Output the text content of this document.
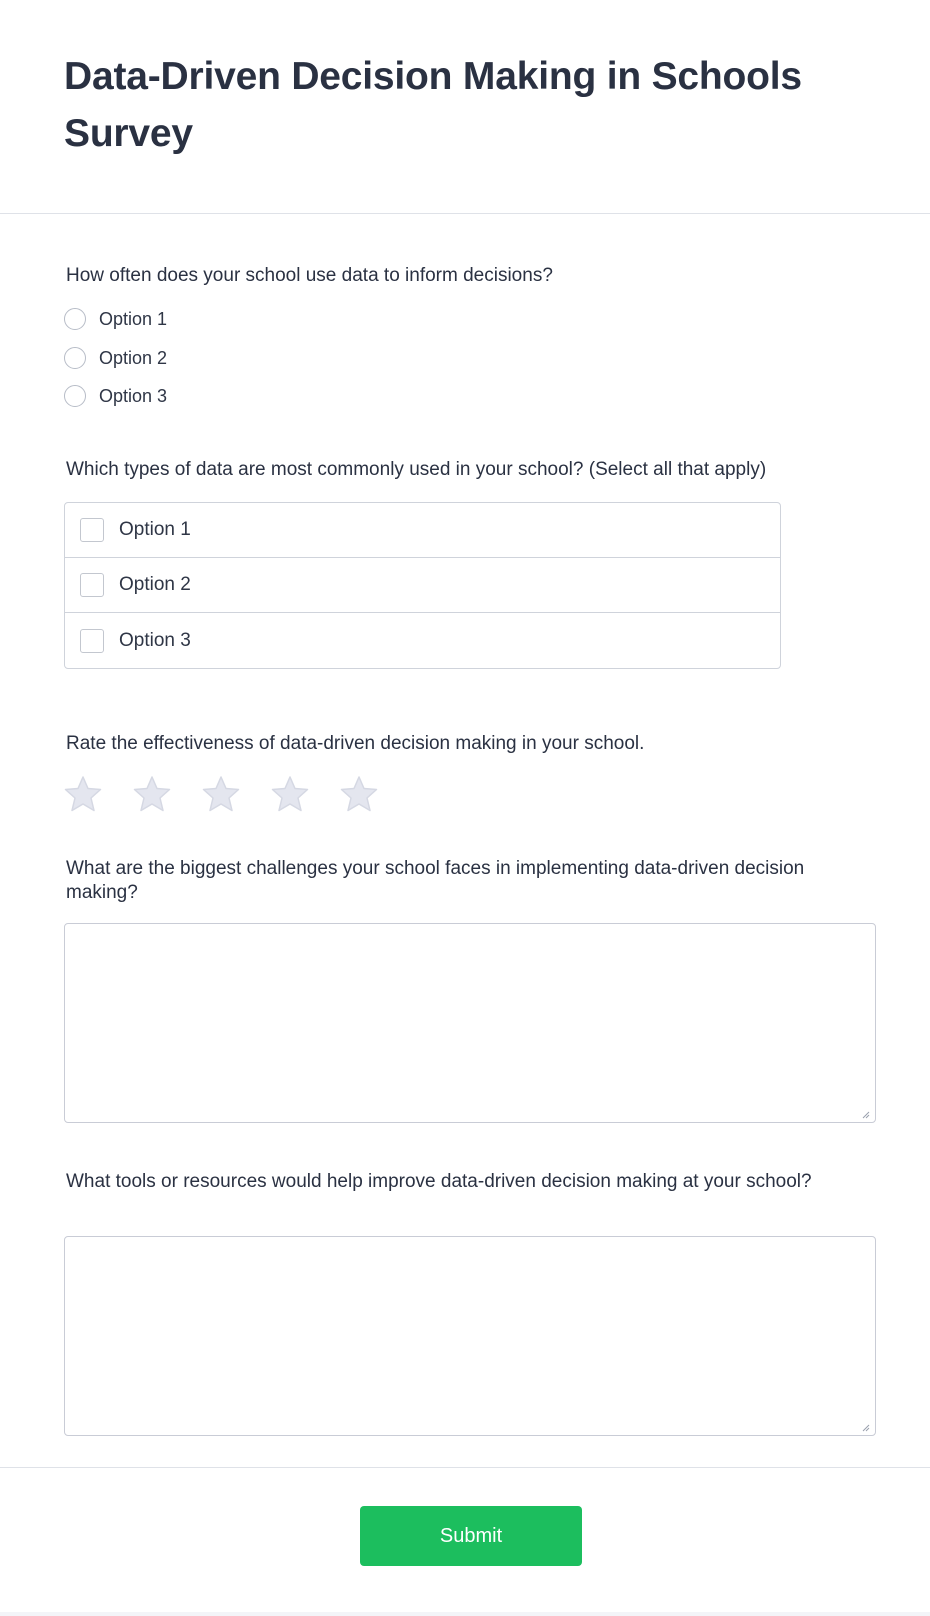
Data-Driven Decision Making in Schools Survey
How often does your school use data to inform decisions?
Option 1
Option 2
Option 3
Which types of data are most commonly used in your school? (Select all that apply)
Option 1
Option 2
Option 3
Rate the effectiveness of data-driven decision making in your school.
What are the biggest challenges your school faces in implementing data-driven decision making?
What tools or resources would help improve data-driven decision making at your school?
Submit
